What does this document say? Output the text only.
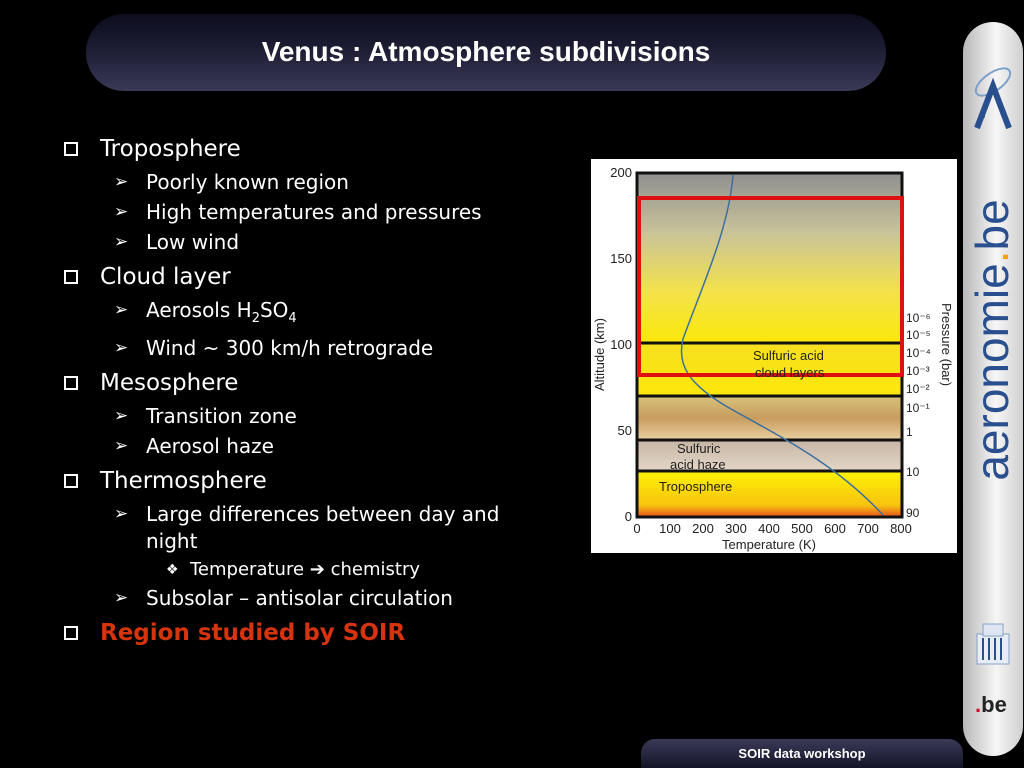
Venus : Atmosphere subdivisions
Troposphere
➢ Poorly known region
➢ High temperatures and pressures
➢ Low wind
Cloud layer
➢ Aerosols $H_2SO_4$
➢ Wind ~ 300 km/h retrograde
Mesosphere
➢ Transition zone
➢ Aerosol haze
Thermosphere
➢ Large differences between day and night
❖ Temperature ➔ chemistry
➢ Subsolar – antisolar circulation
Region studied by SOIR
Sulfuric acid
cloud layers
Sulfuric
acid haze
Troposphere
200
150
100
50
0
Altitude (km)
0 100 200 300 400 500 600 700 800
Temperature (K)
10⁻⁶
10⁻⁵
10⁻⁴
10⁻³
10⁻²
10⁻¹
1
10
90
Pressure (bar)
.be
aeronomie.be
SOIR data workshop
